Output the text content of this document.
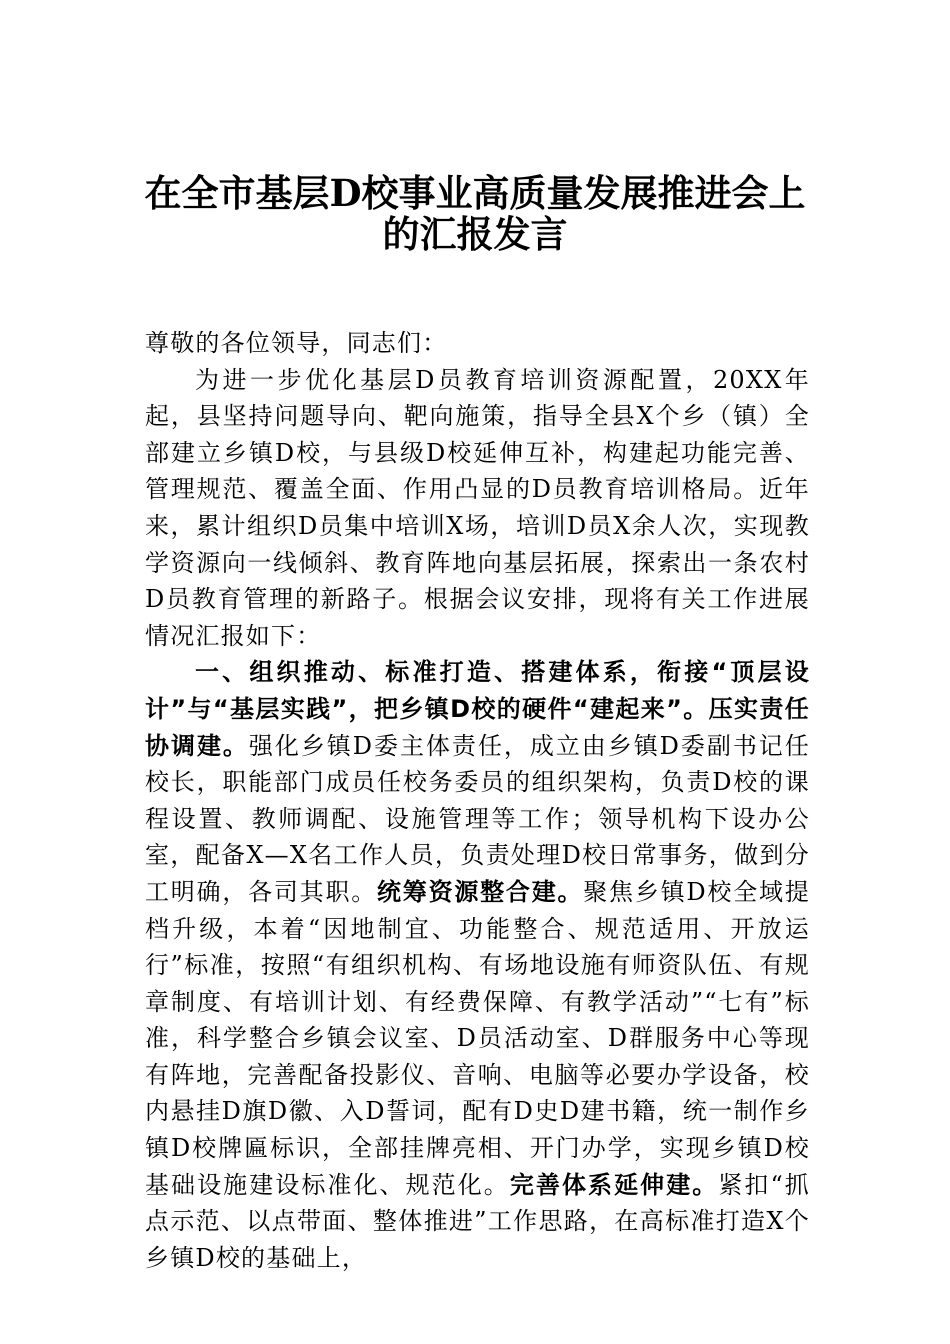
在全市基层D校事业高质量发展推进会上
的汇报发言

尊敬的各位领导，同志们：

为进一步优化基层D员教育培训资源配置，20XX年起，县坚持问题导向、靶向施策，指导全县X个乡（镇）全部建立乡镇D校，与县级D校延伸互补，构建起功能完善、管理规范、覆盖全面、作用凸显的D员教育培训格局。近年来，累计组织D员集中培训X场，培训D员X余人次，实现教学资源向一线倾斜、教育阵地向基层拓展，探索出一条农村D员教育管理的新路子。根据会议安排，现将有关工作进展情况汇报如下：

一、组织推动、标准打造、搭建体系，衔接“顶层设计”与“基层实践”，把乡镇D校的硬件“建起来”。压实责任协调建。强化乡镇D委主体责任，成立由乡镇D委副书记任校长，职能部门成员任校务委员的组织架构，负责D校的课程设置、教师调配、设施管理等工作；领导机构下设办公室，配备X—X名工作人员，负责处理D校日常事务，做到分工明确，各司其职。统筹资源整合建。聚焦乡镇D校全域提档升级，本着“因地制宜、功能整合、规范适用、开放运行”标准，按照“有组织机构、有场地设施有师资队伍、有规章制度、有培训计划、有经费保障、有教学活动”“七有”标准，科学整合乡镇会议室、D员活动室、D群服务中心等现有阵地，完善配备投影仪、音响、电脑等必要办学设备，校内悬挂D旗D徽、入D誓词，配有D史D建书籍，统一制作乡镇D校牌匾标识，全部挂牌亮相、开门办学，实现乡镇D校基础设施建设标准化、规范化。完善体系延伸建。紧扣“抓点示范、以点带面、整体推进”工作思路，在高标准打造X个乡镇D校的基础上，
